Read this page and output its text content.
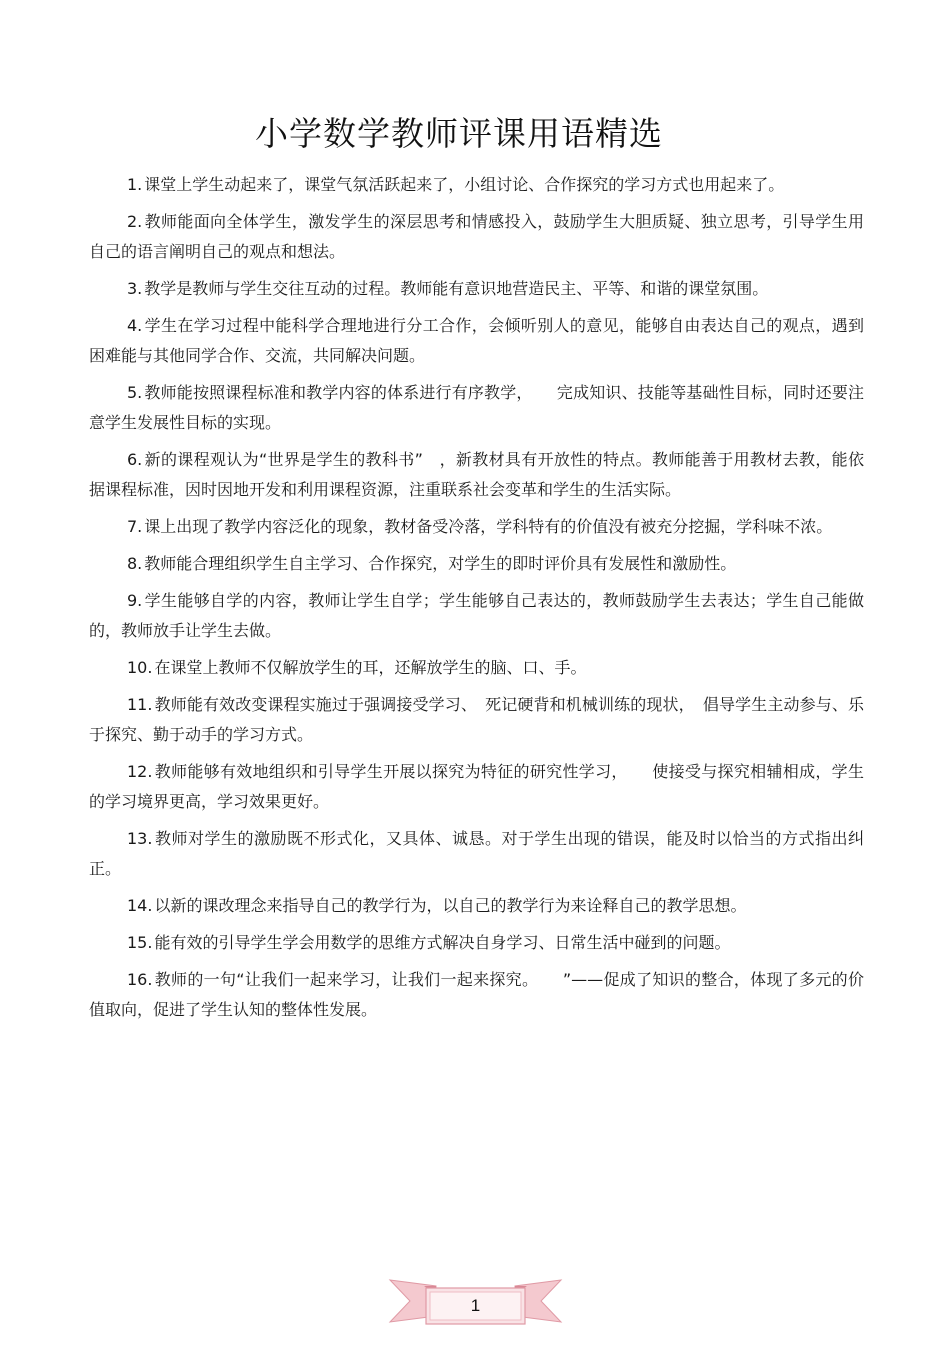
小学数学教师评课用语精选
1. 课堂上学生动起来了，课堂气氛活跃起来了，小组讨论、合作探究的学习方式也用起来了。
2. 教师能面向全体学生，激发学生的深层思考和情感投入，鼓励学生大胆质疑、独立思考，引导学生用自己的语言阐明自己的观点和想法。
3. 教学是教师与学生交往互动的过程。教师能有意识地营造民主、平等、和谐的课堂氛围。
4. 学生在学习过程中能科学合理地进行分工合作，会倾听别人的意见，能够自由表达自己的观点，遇到困难能与其他同学合作、交流，共同解决问题。
5. 教师能按照课程标准和教学内容的体系进行有序教学，　　完成知识、技能等基础性目标，同时还要注意学生发展性目标的实现。
6. 新的课程观认为“世界是学生的教科书”　，新教材具有开放性的特点。教师能善于用教材去教，能依据课程标准，因时因地开发和利用课程资源，注重联系社会变革和学生的生活实际。
7. 课上出现了教学内容泛化的现象，教材备受冷落，学科特有的价值没有被充分挖掘，学科味不浓。
8. 教师能合理组织学生自主学习、合作探究，对学生的即时评价具有发展性和激励性。
9. 学生能够自学的内容，教师让学生自学；学生能够自己表达的，教师鼓励学生去表达；学生自己能做的，教师放手让学生去做。
10. 在课堂上教师不仅解放学生的耳，还解放学生的脑、口、手。
11. 教师能有效改变课程实施过于强调接受学习、　死记硬背和机械训练的现状，　倡导学生主动参与、乐于探究、勤于动手的学习方式。
12. 教师能够有效地组织和引导学生开展以探究为特征的研究性学习，　　使接受与探究相辅相成，学生的学习境界更高，学习效果更好。
13. 教师对学生的激励既不形式化，又具体、诚恳。对于学生出现的错误，能及时以恰当的方式指出纠正。
14. 以新的课改理念来指导自己的教学行为，以自己的教学行为来诠释自己的教学思想。
15. 能有效的引导学生学会用数学的思维方式解决自身学习、日常生活中碰到的问题。
16. 教师的一句“让我们一起来学习，让我们一起来探究。　　”——促成了知识的整合，体现了多元的价值取向，促进了学生认知的整体性发展。
1
